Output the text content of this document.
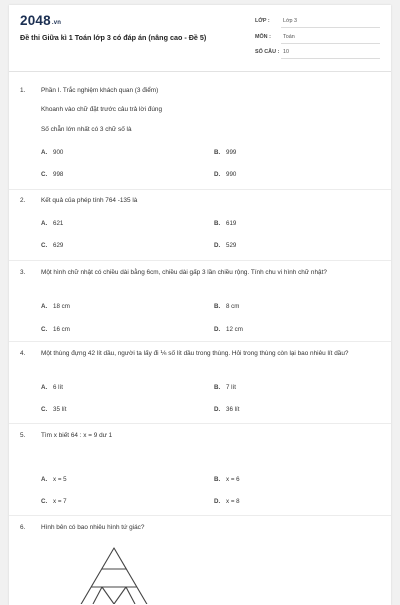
2048.vn
Đề thi Giữa kì 1 Toán lớp 3 có đáp án (nâng cao - Đề 5)
LỚP : Lớp 3
MÔN : Toán
SỐ CÂU : 10
1.	Phần I. Trắc nghiệm khách quan (3 điểm)
Khoanh vào chữ đặt trước câu trả lời đúng
Số chẵn lớn nhất có 3 chữ số là
A. 900	B. 999
C. 998	D. 990
2.	Kết quả của phép tính 764 -135 là
A. 621	B. 619
C. 629	D. 529
3.	Một hình chữ nhật có chiều dài bằng 6cm, chiều dài gấp 3 lần chiều rộng. Tính chu vi hình chữ nhật?
A. 18 cm	B. 8 cm
C. 16 cm	D. 12 cm
4.	Một thùng đựng 42 lít dầu, người ta lấy đi ⅙ số lít dầu trong thùng. Hỏi trong thùng còn lại bao nhiêu lít dầu?
A. 6 lít	B. 7 lít
C. 35 lít	D. 36 lít
5.	Tìm x biết 64 : x = 9 dư 1
A. x = 5	B. x = 6
C. x = 7	D. x = 8
6.	Hình bên có bao nhiêu hình tứ giác?
